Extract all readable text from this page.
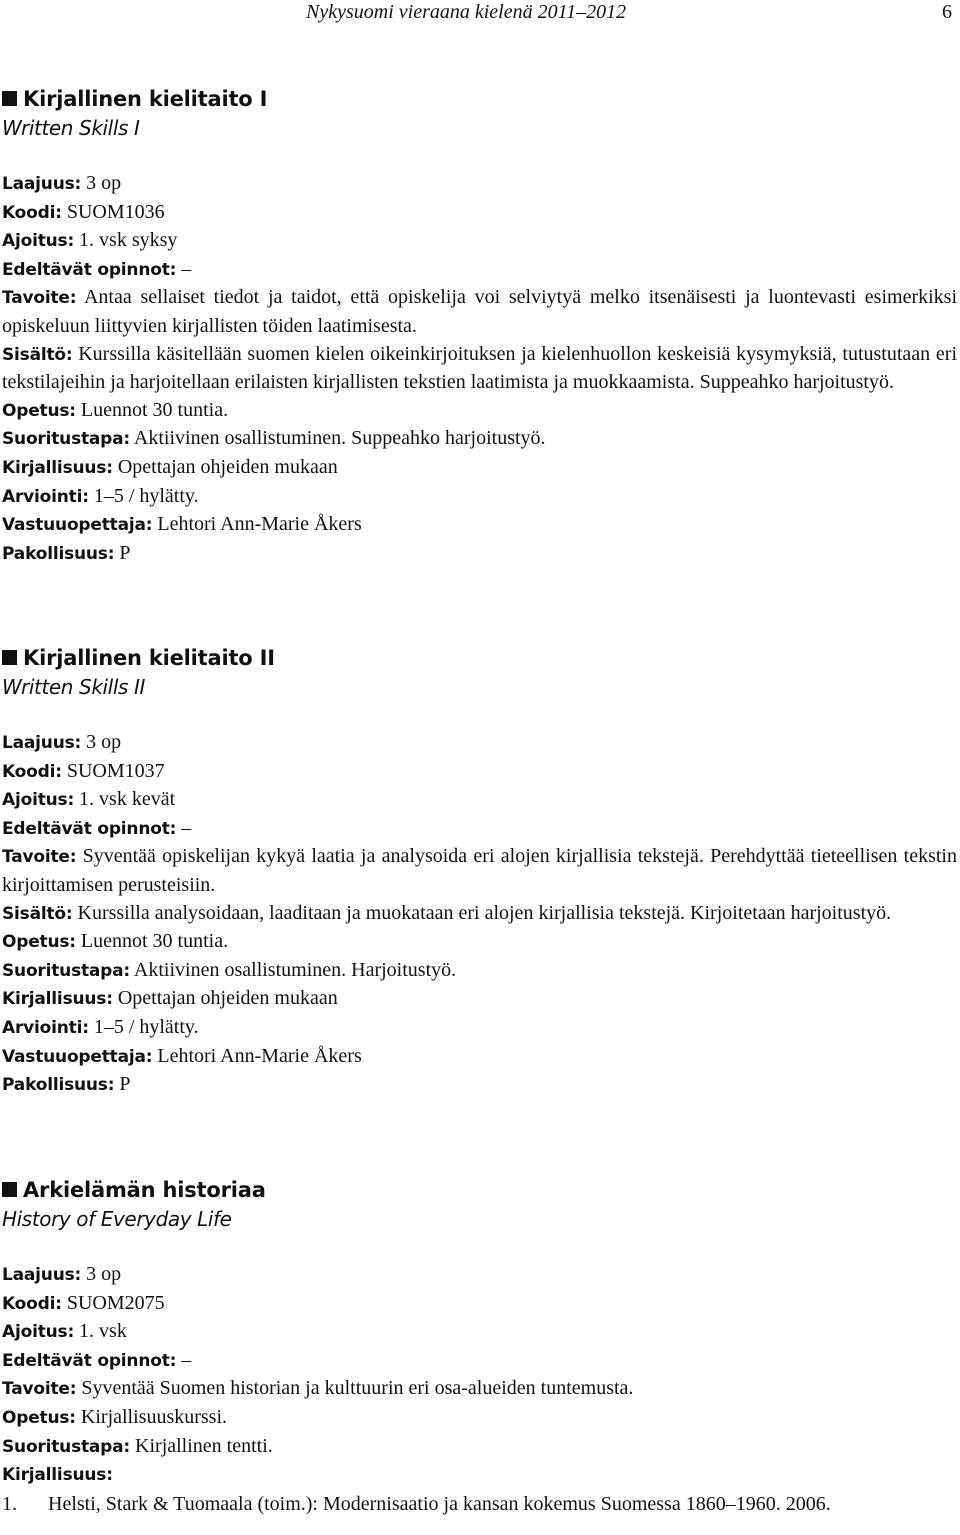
Nykysuomi vieraana kielenä 2011–2012	6
Kirjallinen kielitaito I
Written Skills I

Laajuus: 3 op

Koodi: SUOM1036

Ajoitus: 1. vsk syksy

Edeltävät opinnot: –

Tavoite: Antaa sellaiset tiedot ja taidot, että opiskelija voi selviytyä melko itsenäisesti ja luontevasti esimerkiksi opiskeluun liittyvien kirjallisten töiden laatimisesta.

Sisältö: Kurssilla käsitellään suomen kielen oikeinkirjoituksen ja kielenhuollon keskeisiä kysymyksiä, tutustutaan eri tekstilajeihin ja harjoitellaan erilaisten kirjallisten tekstien laatimista ja muokkaamista. Suppeahko harjoitustyö.

Opetus: Luennot 30 tuntia.

Suoritustapa: Aktiivinen osallistuminen. Suppeahko harjoitustyö.

Kirjallisuus: Opettajan ohjeiden mukaan

Arviointi: 1–5 / hylätty.

Vastuuopettaja: Lehtori Ann-Marie Åkers

Pakollisuus: P

Kirjallinen kielitaito II
Written Skills II

Laajuus: 3 op

Koodi: SUOM1037

Ajoitus: 1. vsk kevät

Edeltävät opinnot: –

Tavoite: Syventää opiskelijan kykyä laatia ja analysoida eri alojen kirjallisia tekstejä. Perehdyttää tieteellisen tekstin kirjoittamisen perusteisiin.

Sisältö: Kurssilla analysoidaan, laaditaan ja muokataan eri alojen kirjallisia tekstejä. Kirjoitetaan harjoitustyö.

Opetus: Luennot 30 tuntia.

Suoritustapa: Aktiivinen osallistuminen. Harjoitustyö.

Kirjallisuus: Opettajan ohjeiden mukaan

Arviointi: 1–5 / hylätty.

Vastuuopettaja: Lehtori Ann-Marie Åkers

Pakollisuus: P

Arkielämän historiaa
History of Everyday Life

Laajuus: 3 op

Koodi: SUOM2075

Ajoitus: 1. vsk

Edeltävät opinnot: –

Tavoite: Syventää Suomen historian ja kulttuurin eri osa-alueiden tuntemusta.

Opetus: Kirjallisuuskurssi.

Suoritustapa: Kirjallinen tentti.

Kirjallisuus:

1. Helsti, Stark & Tuomaala (toim.): Modernisaatio ja kansan kokemus Suomessa 1860–1960. 2006.
